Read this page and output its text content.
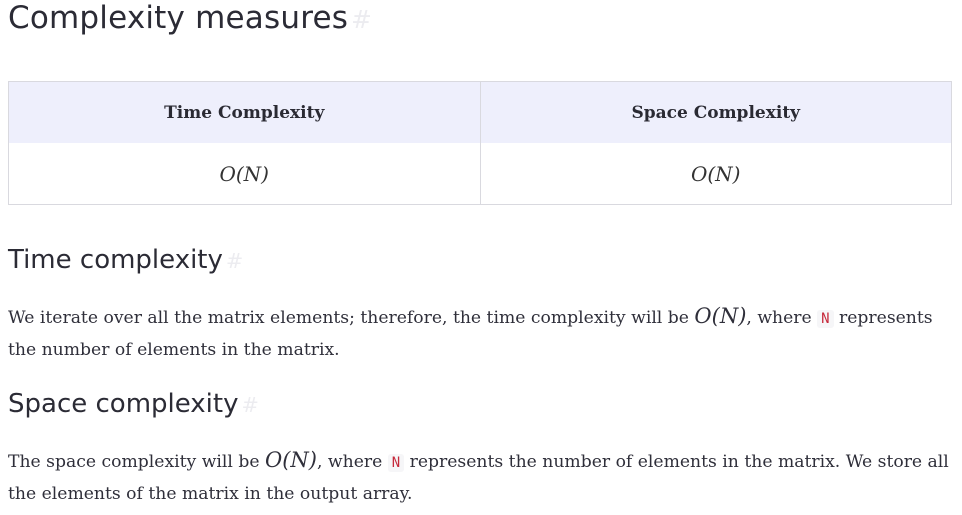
Complexity measures #
Time Complexity	Space Complexity
O(N)	O(N)
Time complexity #

We iterate over all the matrix elements; therefore, the time complexity will be O(N), where N represents the number of elements in the matrix.

Space complexity #

The space complexity will be O(N), where N represents the number of elements in the matrix. We store all the elements of the matrix in the output array.
